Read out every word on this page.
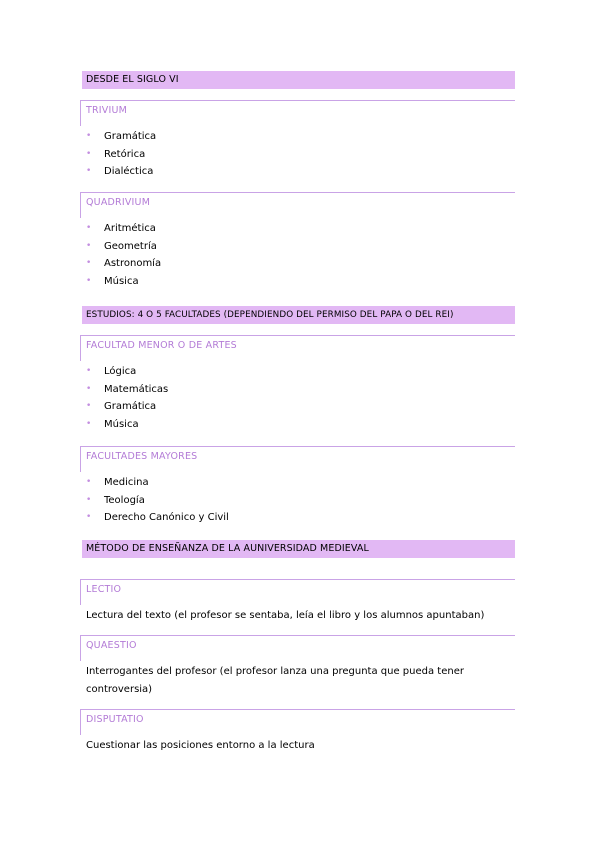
DESDE EL SIGLO VI
TRIVIUM
• Gramática
• Retórica
• Dialéctica
QUADRIVIUM
• Aritmética
• Geometría
• Astronomía
• Música
ESTUDIOS: 4 O 5 FACULTADES (DEPENDIENDO DEL PERMISO DEL PAPA O DEL REI)
FACULTAD MENOR O DE ARTES
• Lógica
• Matemáticas
• Gramática
• Música
FACULTADES MAYORES
• Medicina
• Teología
• Derecho Canónico y Civil
MÉTODO DE ENSEÑANZA DE LA AUNIVERSIDAD MEDIEVAL
LECTIO
Lectura del texto (el profesor se sentaba, leía el libro y los alumnos apuntaban)
QUAESTIO
Interrogantes del profesor (el profesor lanza una pregunta que pueda tener controversia)
DISPUTATIO
Cuestionar las posiciones entorno a la lectura
